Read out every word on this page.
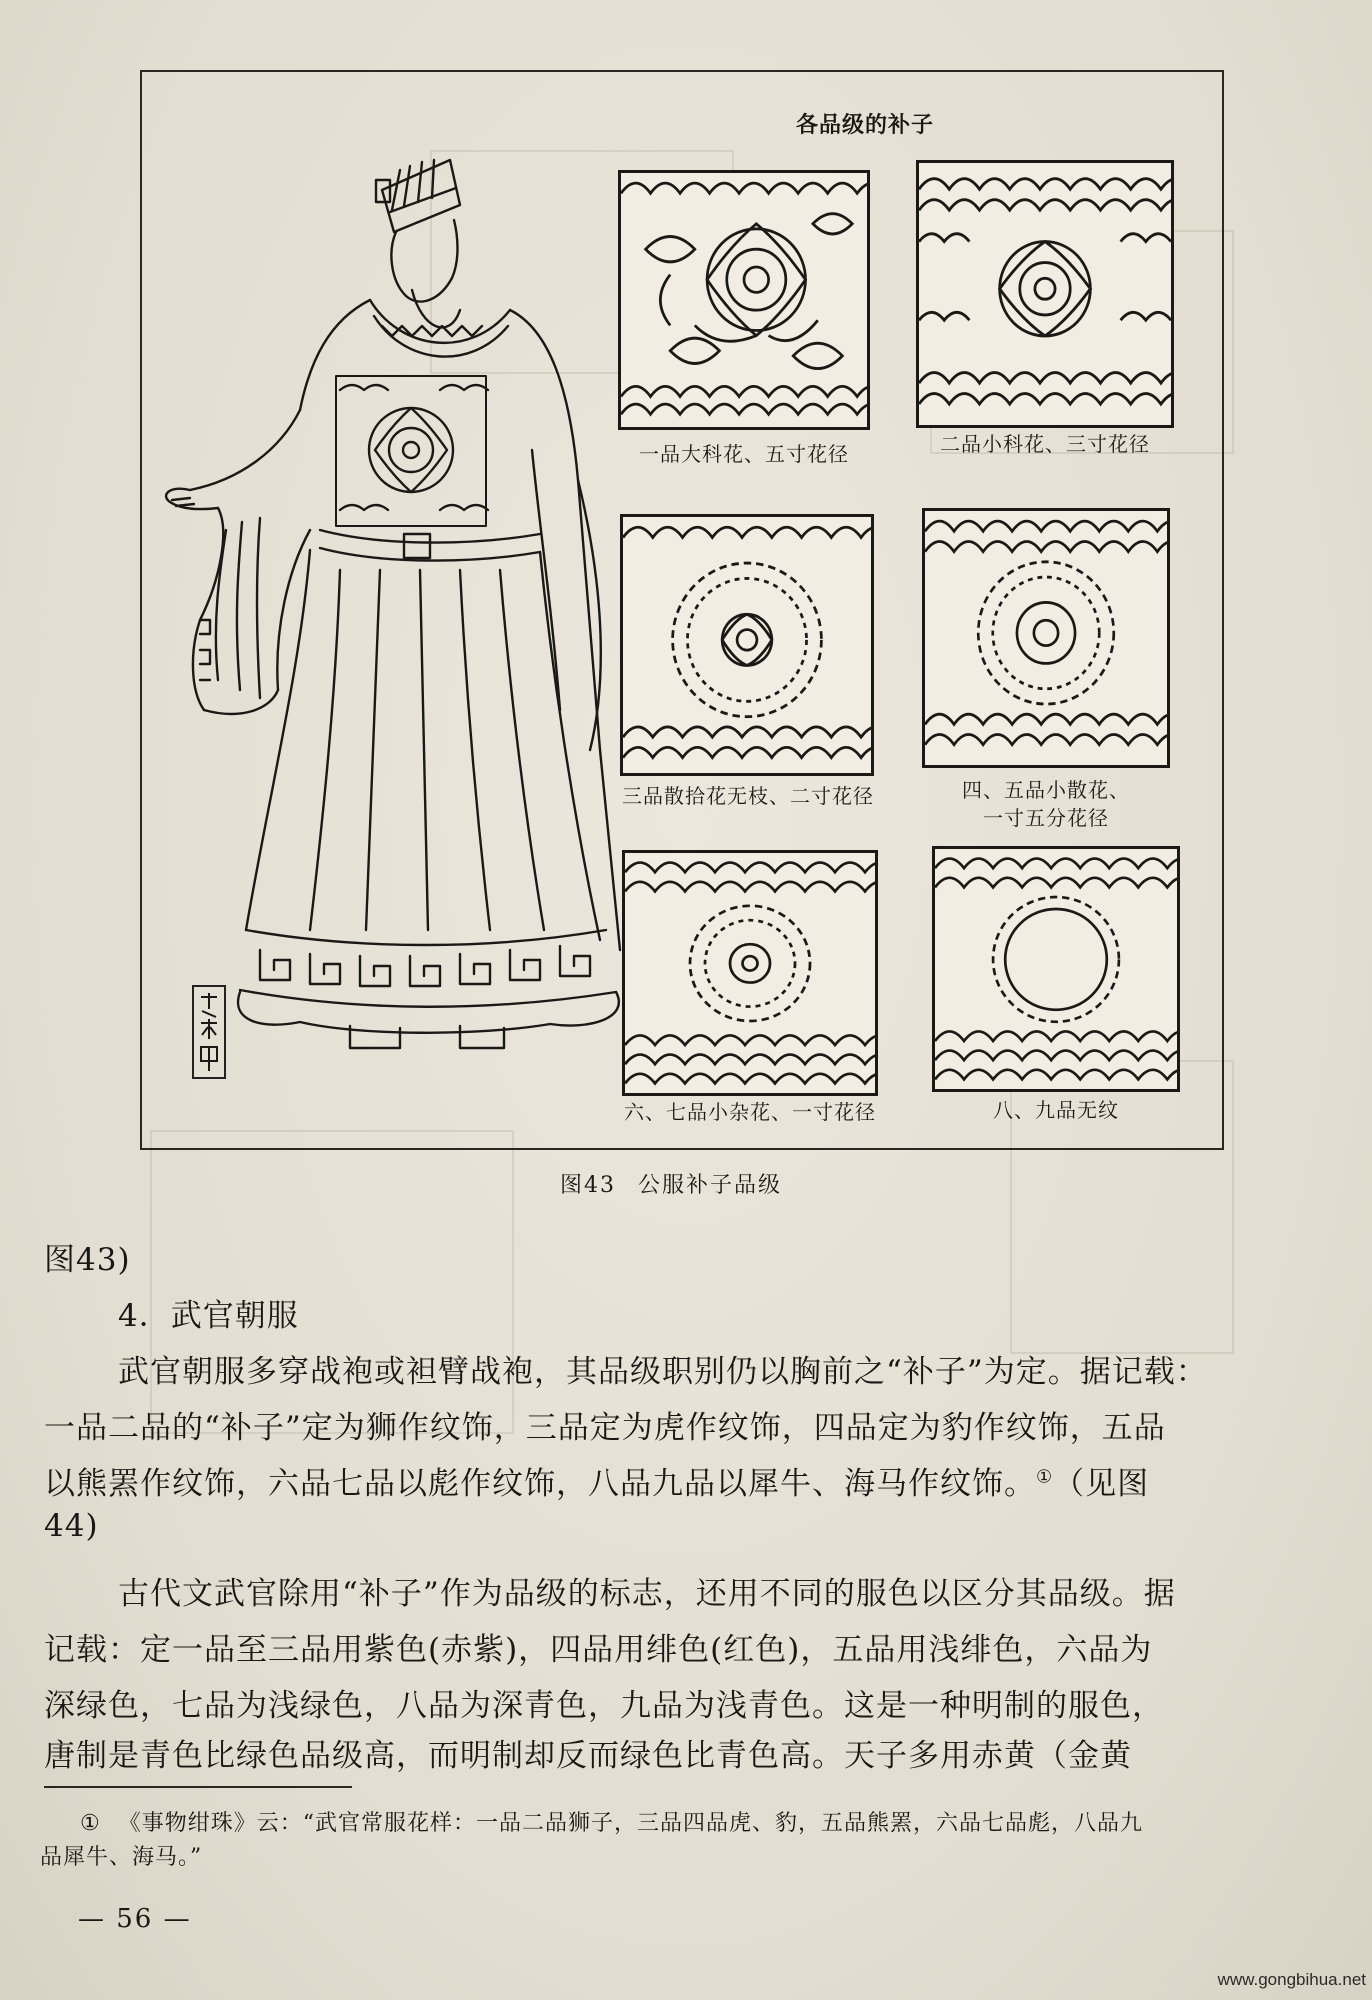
各品级的补子
一品大科花、五寸花径	二品小科花、三寸花径
三品散拾花无枝、二寸花径	四、五品小散花、
一寸五分花径
六、七品小杂花、一寸花径	八、九品无纹
图43 公服补子品级
图43)
4．武官朝服
武官朝服多穿战袍或袒臂战袍，其品级职别仍以胸前之“补子”为定。据记载：
一品二品的“补子”定为狮作纹饰，三品定为虎作纹饰，四品定为豹作纹饰，五品
以熊罴作纹饰，六品七品以彪作纹饰，八品九品以犀牛、海马作纹饰。①（见图
44)
古代文武官除用“补子”作为品级的标志，还用不同的服色以区分其品级。据
记载：定一品至三品用紫色(赤紫)，四品用绯色(红色)，五品用浅绯色，六品为
深绿色，七品为浅绿色，八品为深青色，九品为浅青色。这是一种明制的服色，
唐制是青色比绿色品级高，而明制却反而绿色比青色高。天子多用赤黄（金黄
① 《事物绀珠》云：“武官常服花样：一品二品狮子，三品四品虎、豹，五品熊罴，六品七品彪，八品九
品犀牛、海马。”
— 56 —
www.gongbihua.net
